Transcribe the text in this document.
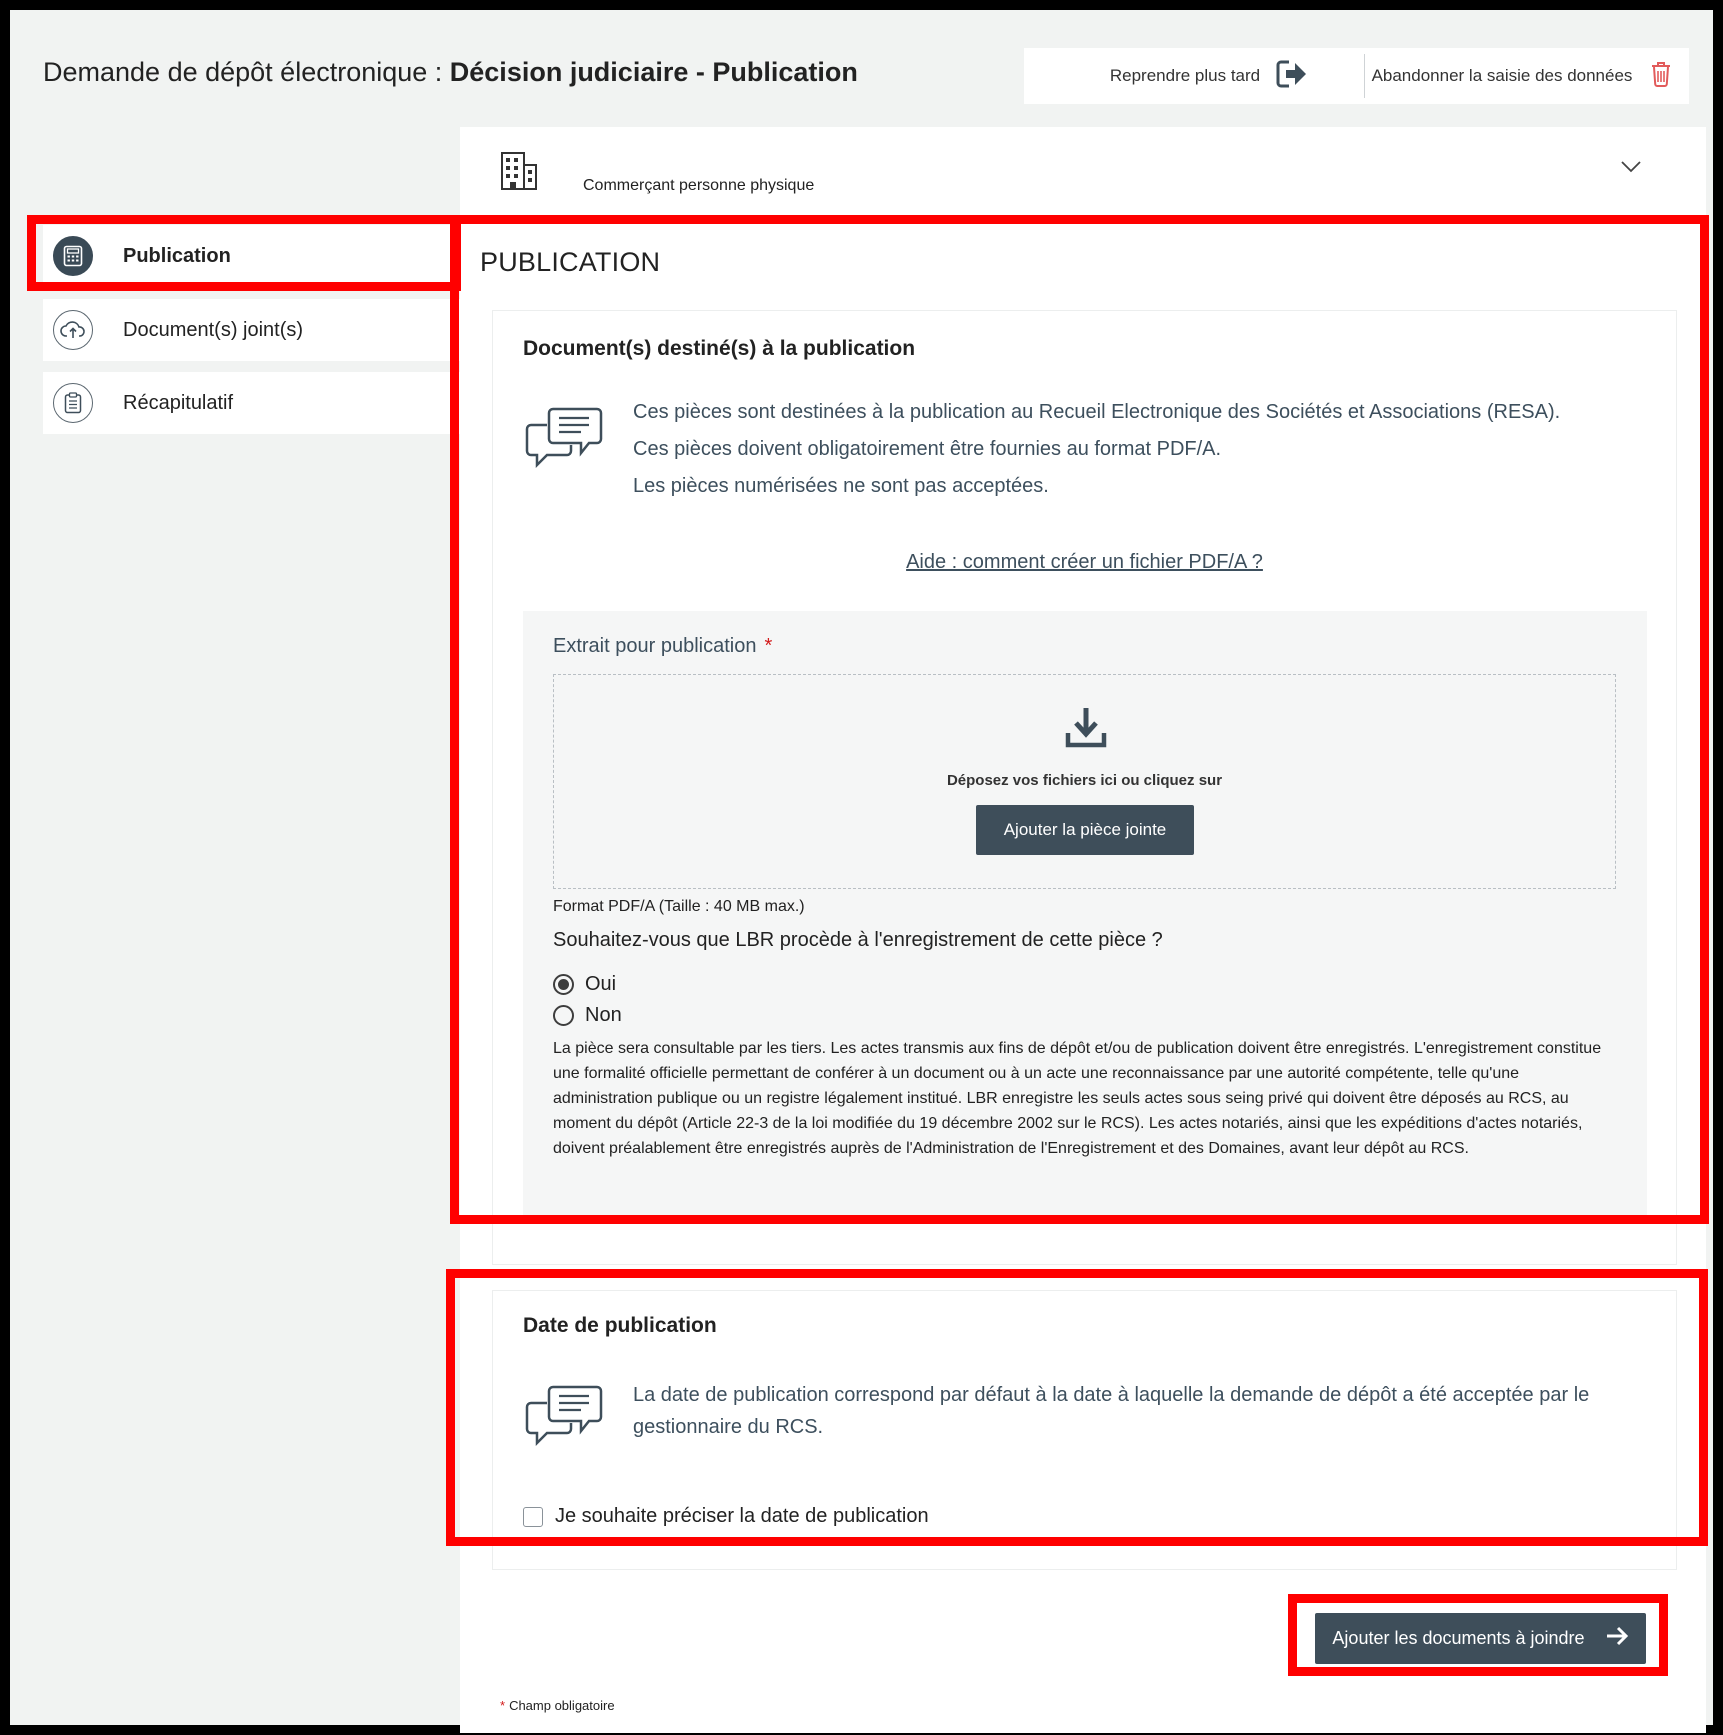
Demande de dépôt électronique : Décision judiciaire - Publication	Reprendre plus tard	Abandonner la saisie des données
Publication
Document(s) joint(s)
Récapitulatif
Commerçant personne physique
PUBLICATION
Document(s) destiné(s) à la publication
Ces pièces sont destinées à la publication au Recueil Electronique des Sociétés et Associations (RESA).
Ces pièces doivent obligatoirement être fournies au format PDF/A.
Les pièces numérisées ne sont pas acceptées.
Aide : comment créer un fichier PDF/A ?
Extrait pour publication *
Déposez vos fichiers ici ou cliquez sur
Ajouter la pièce jointe
Format PDF/A (Taille : 40 MB max.)
Souhaitez-vous que LBR procède à l'enregistrement de cette pièce ?
Oui
Non
La pièce sera consultable par les tiers. Les actes transmis aux fins de dépôt et/ou de publication doivent être enregistrés. L'enregistrement constitue une formalité officielle permettant de conférer à un document ou à un acte une reconnaissance par une autorité compétente, telle qu'une administration publique ou un registre légalement institué. LBR enregistre les seuls actes sous seing privé qui doivent être déposés au RCS, au moment du dépôt (Article 22-3 de la loi modifiée du 19 décembre 2002 sur le RCS). Les actes notariés, ainsi que les expéditions d'actes notariés, doivent préalablement être enregistrés auprès de l'Administration de l'Enregistrement et des Domaines, avant leur dépôt au RCS.
Date de publication
La date de publication correspond par défaut à la date à laquelle la demande de dépôt a été acceptée par le
gestionnaire du RCS.
Je souhaite préciser la date de publication
Ajouter les documents à joindre
* Champ obligatoire
